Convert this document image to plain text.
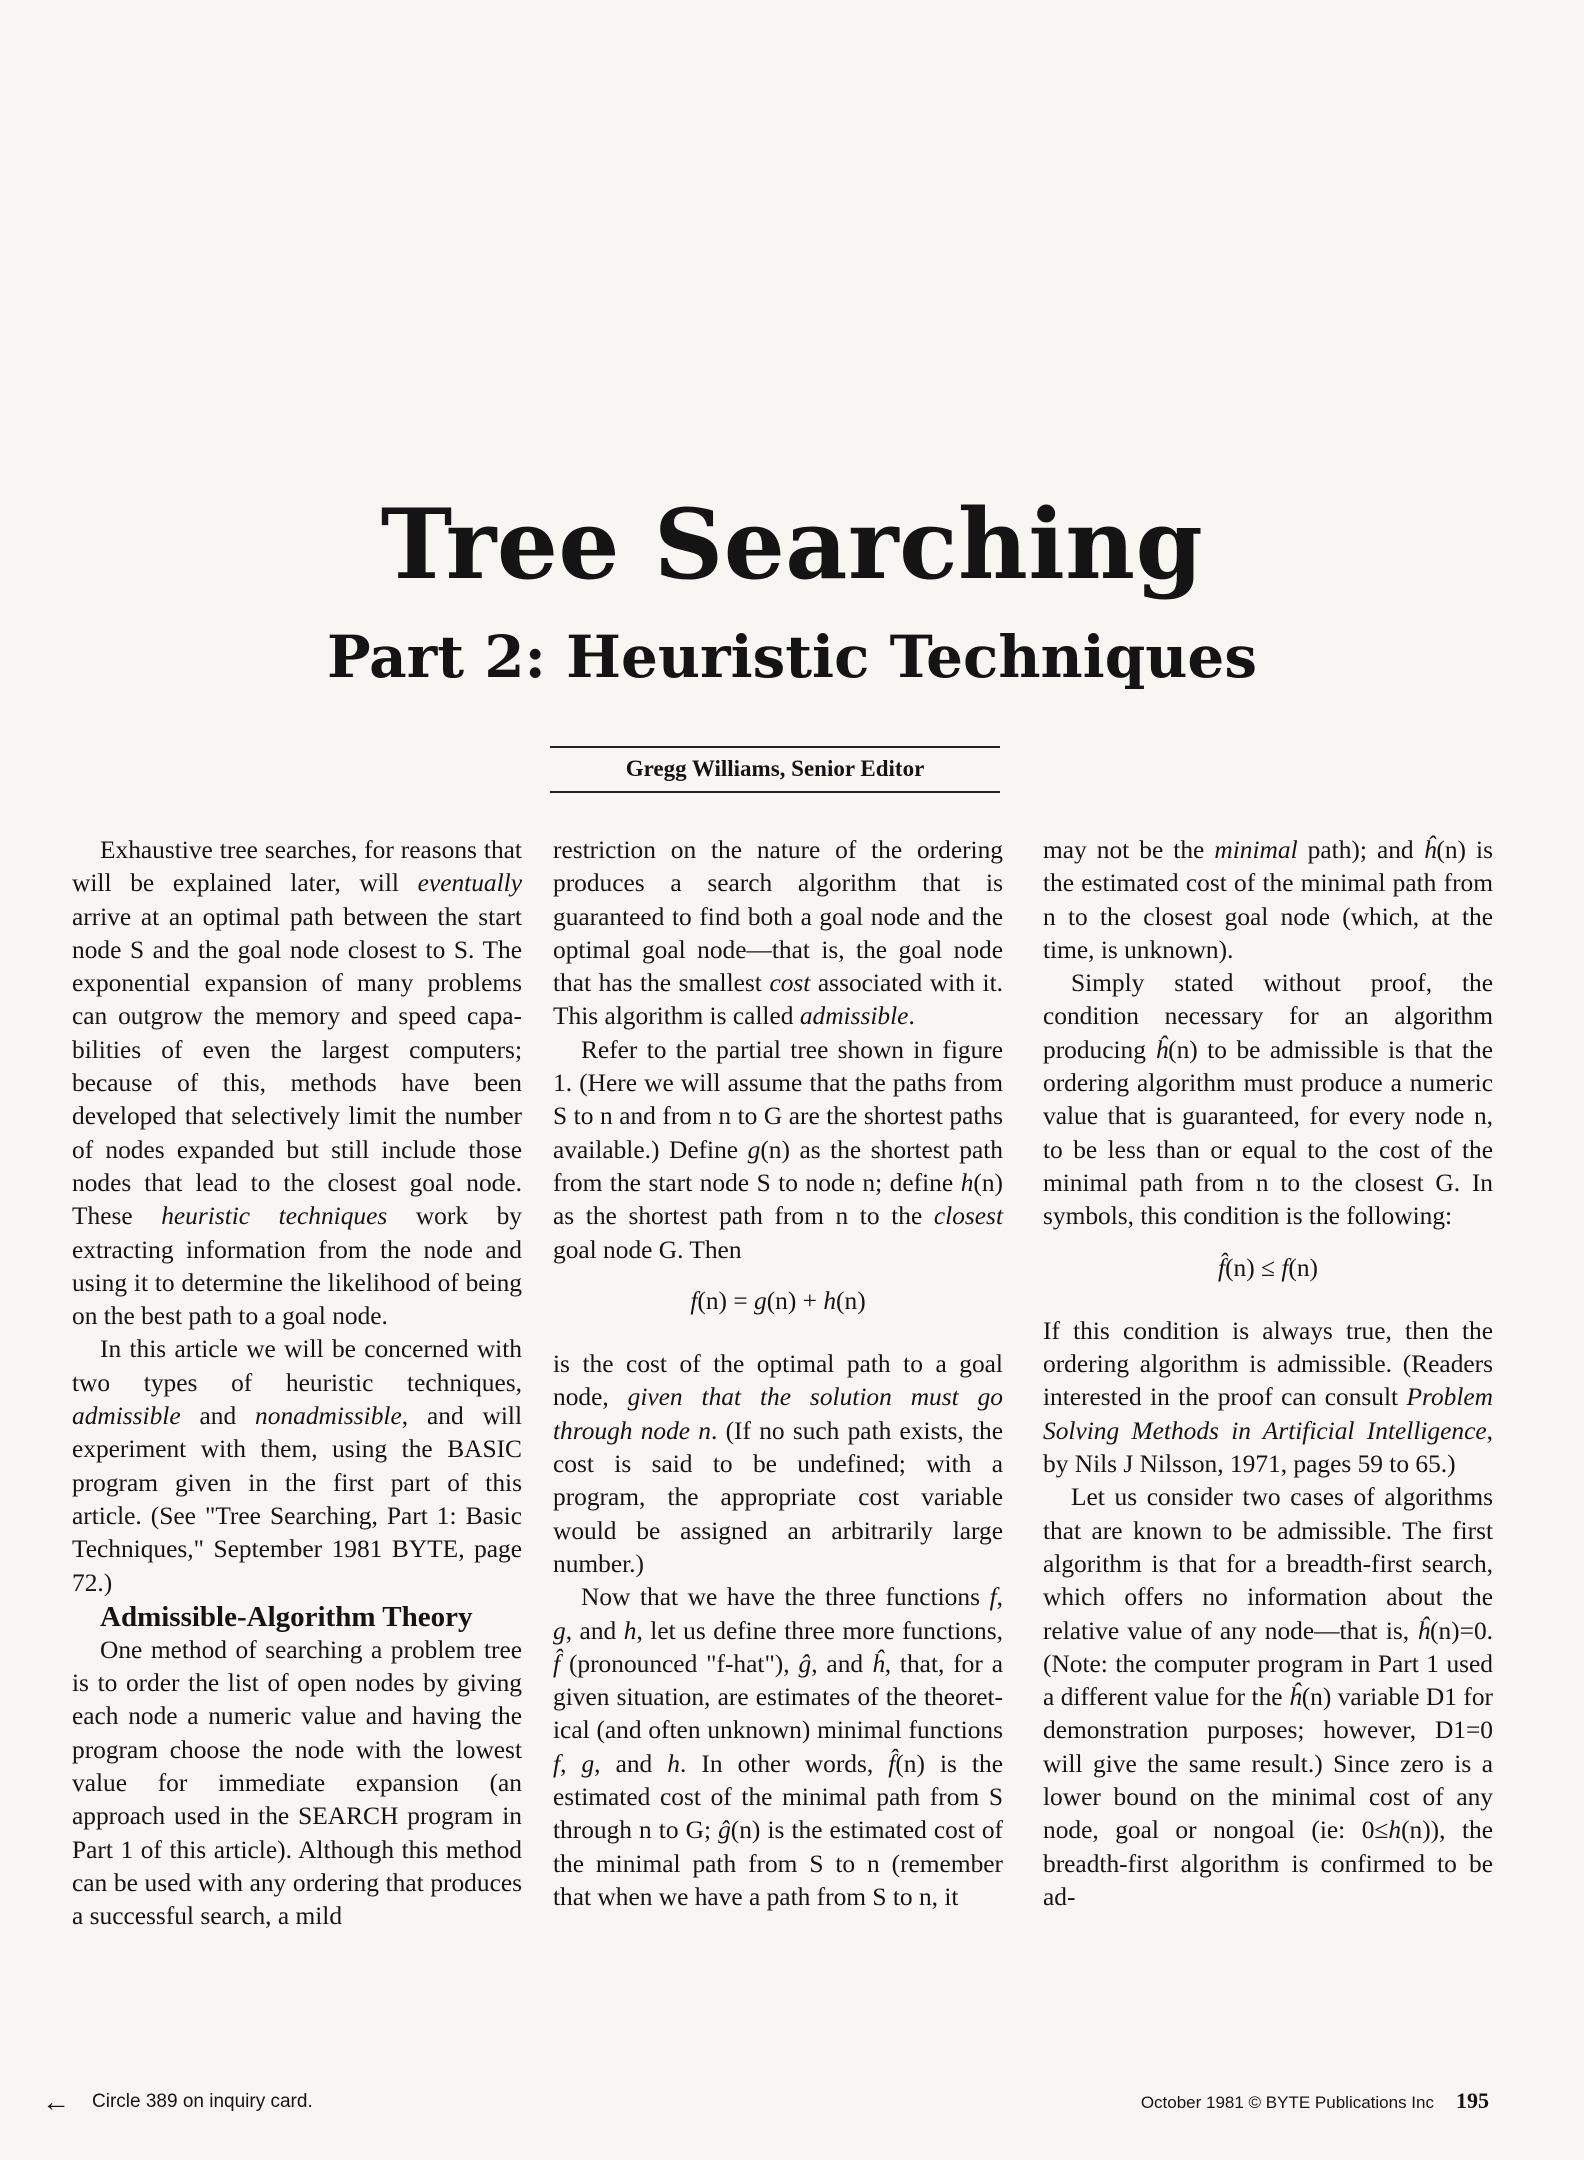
Tree Searching
Part 2: Heuristic Techniques
Gregg Williams, Senior Editor

Exhaustive tree searches, for reasons that will be explained later, will eventually arrive at an optimal path between the start node S and the goal node closest to S. The exponential expansion of many problems can outgrow the memory and speed capabilities of even the largest computers; because of this, methods have been developed that selectively limit the number of nodes expanded but still include those nodes that lead to the closest goal node. These heuristic techniques work by extracting information from the node and using it to determine the likelihood of being on the best path to a goal node.

In this article we will be concerned with two types of heuristic techniques, admissible and nonadmissible, and will experiment with them, using the BASIC program given in the first part of this article. (See "Tree Searching, Part 1: Basic Techniques," September 1981 BYTE, page 72.)

Admissible-Algorithm Theory

One method of searching a problem tree is to order the list of open nodes by giving each node a numeric value and having the program choose the node with the lowest value for immediate expansion (an approach used in the SEARCH program in Part 1 of this article). Although this method can be used with any ordering that produces a successful search, a mild

restriction on the nature of the ordering produces a search algorithm that is guaranteed to find both a goal node and the optimal goal node—that is, the goal node that has the smallest cost associated with it. This algorithm is called admissible.

Refer to the partial tree shown in figure 1. (Here we will assume that the paths from S to n and from n to G are the shortest paths available.) Define g(n) as the shortest path from the start node S to node n; define h(n) as the shortest path from n to the closest goal node G. Then

f(n) = g(n) + h(n)

is the cost of the optimal path to a goal node, given that the solution must go through node n. (If no such path exists, the cost is said to be undefined; with a program, the appropriate cost variable would be assigned an arbitrarily large number.)

Now that we have the three functions f, g, and h, let us define three more functions, f̂ (pronounced "f-hat"), ĝ, and ĥ, that, for a given situation, are estimates of the theoretical (and often unknown) minimal functions f, g, and h. In other words, f̂(n) is the estimated cost of the minimal path from S through n to G; ĝ(n) is the estimated cost of the minimal path from S to n (remember that when we have a path from S to n, it

may not be the minimal path); and ĥ(n) is the estimated cost of the minimal path from n to the closest goal node (which, at the time, is unknown).

Simply stated without proof, the condition necessary for an algorithm producing ĥ(n) to be admissible is that the ordering algorithm must produce a numeric value that is guaranteed, for every node n, to be less than or equal to the cost of the minimal path from n to the closest G. In symbols, this condition is the following:

f̂(n) ≤ f(n)

If this condition is always true, then the ordering algorithm is admissible. (Readers interested in the proof can consult Problem Solving Methods in Artificial Intelligence, by Nils J Nilsson, 1971, pages 59 to 65.)

Let us consider two cases of algorithms that are known to be admissible. The first algorithm is that for a breadth-first search, which offers no information about the relative value of any node—that is, ĥ(n)=0. (Note: the computer program in Part 1 used a different value for the ĥ(n) variable D1 for demonstration purposes; however, D1=0 will give the same result.) Since zero is a lower bound on the minimal cost of any node, goal or nongoal (ie: 0≤h(n)), the breadth-first algorithm is confirmed to be ad-

← Circle 389 on inquiry card.	October 1981 © BYTE Publications Inc 195
